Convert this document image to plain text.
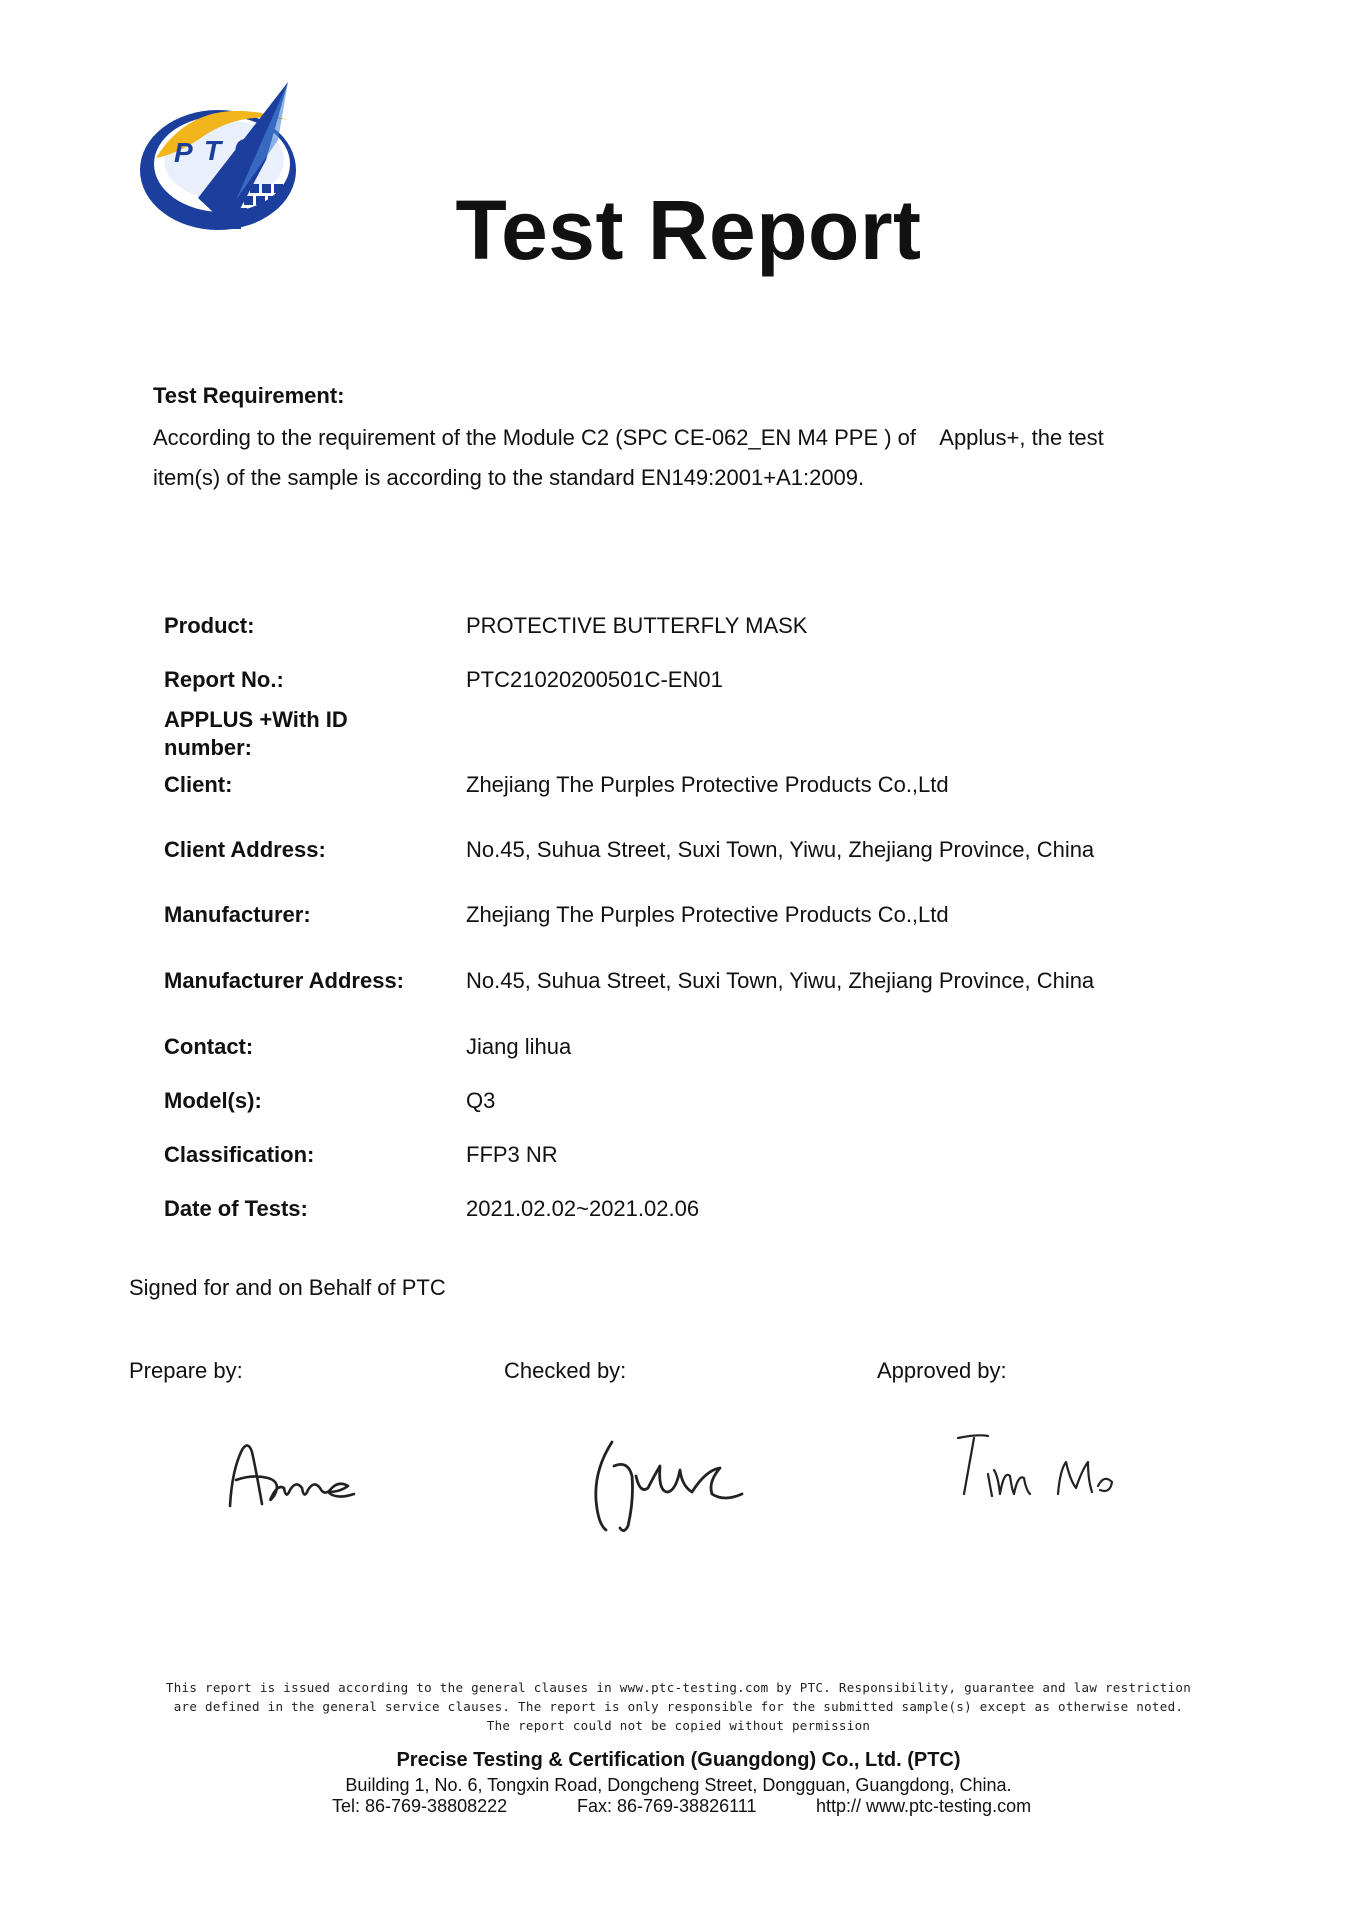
P T C
Test Report
Test Requirement:
According to the requirement of the Module C2 (SPC CE-062_EN M4 PPE ) of    Applus+, the test
item(s) of the sample is according to the standard EN149:2001+A1:2009.
Product:	PROTECTIVE BUTTERFLY MASK
Report No.:	PTC21020200501C-EN01
APPLUS +With ID number:
Client:	Zhejiang The Purples Protective Products Co.,Ltd
Client Address:	No.45, Suhua Street, Suxi Town, Yiwu, Zhejiang Province, China
Manufacturer:	Zhejiang The Purples Protective Products Co.,Ltd
Manufacturer Address:	No.45, Suhua Street, Suxi Town, Yiwu, Zhejiang Province, China
Contact:	Jiang lihua
Model(s):	Q3
Classification:	FFP3 NR
Date of Tests:	2021.02.02~2021.02.06
Signed for and on Behalf of PTC
Prepare by:	Checked by:	Approved by:
This report is issued according to the general clauses in www.ptc-testing.com by PTC. Responsibility, guarantee and law restriction
are defined in the general service clauses. The report is only responsible for the submitted sample(s) except as otherwise noted.
The report could not be copied without permission
Precise Testing & Certification (Guangdong) Co., Ltd. (PTC)
Building 1, No. 6, Tongxin Road, Dongcheng Street, Dongguan, Guangdong, China.
Tel: 86-769-38808222	Fax: 86-769-38826111	http:// www.ptc-testing.com
